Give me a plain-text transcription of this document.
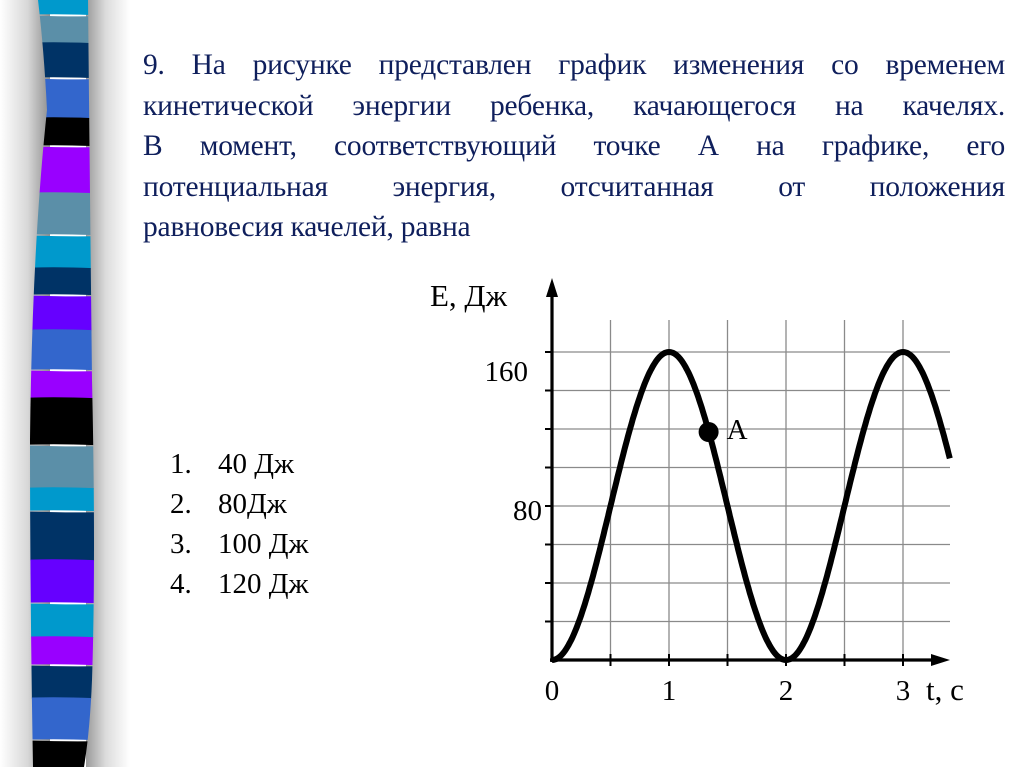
9. На рисунке представлен график изменения со временем
кинетической энергии ребенка, качающегося на качелях.
В момент, соответствующий точке А на графике, его
потенциальная энергия, отсчитанная от положения
равновесия качелей, равна
1. 40 Дж
2. 80Дж
3. 100 Дж
4. 120 Дж
A
E, Дж
160
80
0	1	2	3 t, с
